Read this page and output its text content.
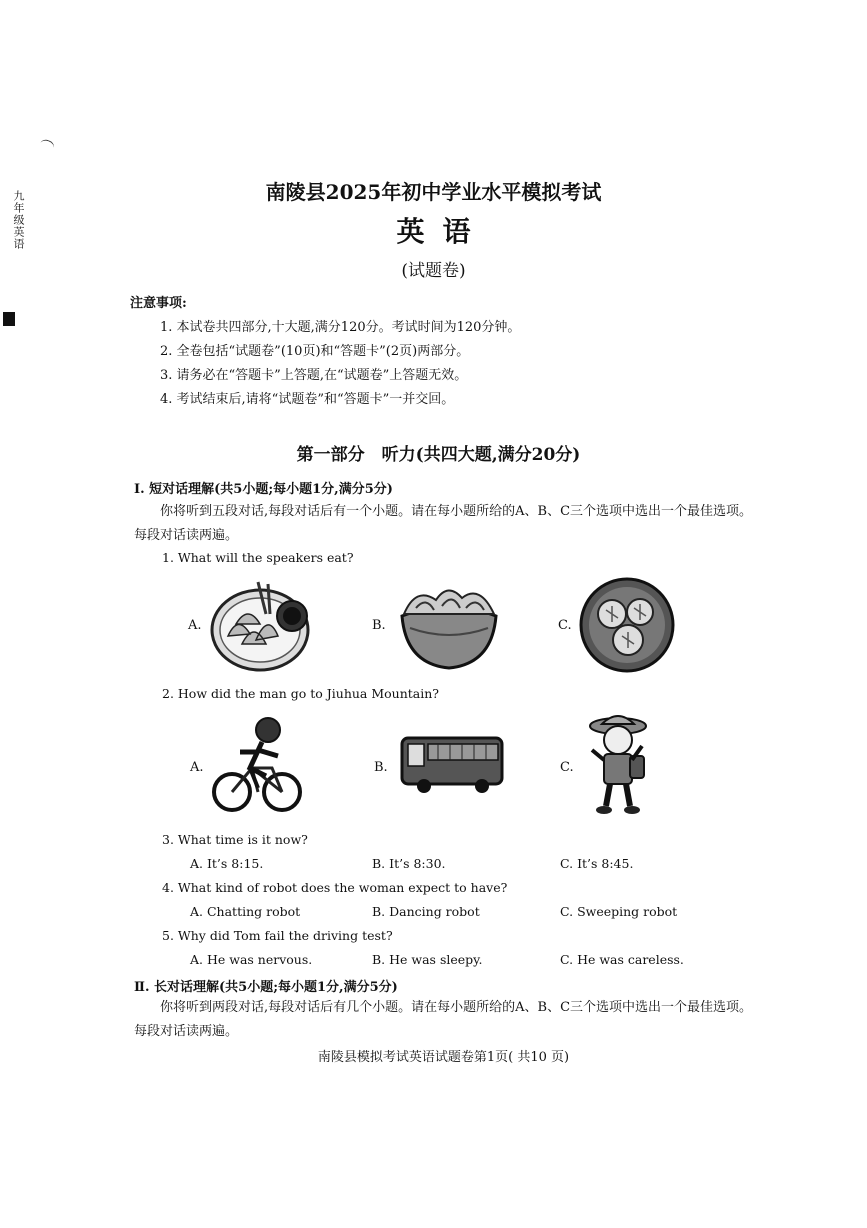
九年级英语	南陵县2025年初中学业水平模拟考试
英语
(试题卷)
注意事项:
1. 本试卷共四部分,十大题,满分120分。考试时间为120分钟。
2. 全卷包括“试题卷”(10页)和“答题卡”(2页)两部分。
3. 请务必在“答题卡”上答题,在“试题卷”上答题无效。
4. 考试结束后,请将“试题卷”和“答题卡”一并交回。
第一部分　听力(共四大题,满分20分)
Ⅰ. 短对话理解(共5小题;每小题1分,满分5分)
你将听到五段对话,每段对话后有一个小题。请在每小题所给的A、B、C三个选项中选出一个最佳选项。每段对话读两遍。
1. What will the speakers eat?
A.	B.	C.
2. How did the man go to Jiuhua Mountain?
A.	B.	C.
3. What time is it now?
A. It’s 8:15.	B. It’s 8:30.	C. It’s 8:45.
4. What kind of robot does the woman expect to have?
A. Chatting robot	B. Dancing robot	C. Sweeping robot
5. Why did Tom fail the driving test?
A. He was nervous.	B. He was sleepy.	C. He was careless.
Ⅱ. 长对话理解(共5小题;每小题1分,满分5分)
你将听到两段对话,每段对话后有几个小题。请在每小题所给的A、B、C三个选项中选出一个最佳选项。每段对话读两遍。
南陵县模拟考试英语试题卷第1页( 共10 页)
